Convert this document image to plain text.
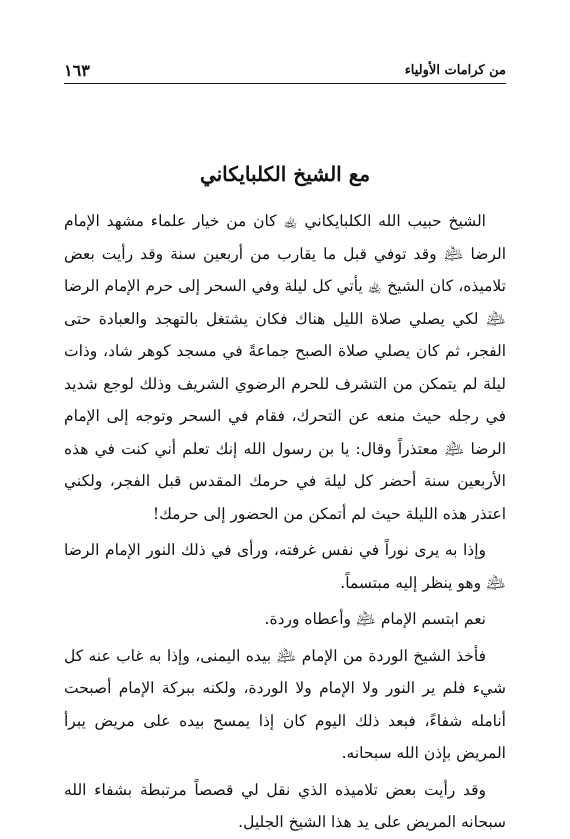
من كرامات الأولياء
١٦٣
مع الشيخ الكلبايكاني

الشيخ حبيب الله الكلبايكاني ﵀ كان من خيار علماء مشهد الإمام الرضا ﵇ وقد توفي قبل ما يقارب من أربعين سنة وقد رأيت بعض تلاميذه، كان الشيخ ﵀ يأتي كل ليلة وفي السحر إلى حرم الإمام الرضا ﵇ لكي يصلي صلاة الليل هناك فكان يشتغل بالتهجد والعبادة حتى الفجر، ثم كان يصلي صلاة الصبح جماعةً في مسجد كوهر شاد، وذات ليلة لم يتمكن من التشرف للحرم الرضوي الشريف وذلك لوجع شديد في رجله حيث منعه عن التحرك، فقام في السحر وتوجه إلى الإمام الرضا ﵇ معتذراً وقال: يا بن رسول الله إنك تعلم أني كنت في هذه الأربعين سنة أحضر كل ليلة في حرمك المقدس قبل الفجر، ولكني اعتذر هذه الليلة حيث لم أتمكن من الحضور إلى حرمك!

وإذا به يرى نوراً في نفس غرفته، ورأى في ذلك النور الإمام الرضا ﵇ وهو ينظر إليه مبتسماً.

نعم ابتسم الإمام ﵇ وأعطاه وردة.

فأخذ الشيخ الوردة من الإمام ﵇ بيده اليمنى، وإذا به غاب عنه كل شيء فلم ير النور ولا الإمام ولا الوردة، ولكنه ببركة الإمام أصبحت أنامله شفاءً، فبعد ذلك اليوم كان إذا يمسح بيده على مريض يبرأ المريض بإذن الله سبحانه.

وقد رأيت بعض تلاميذه الذي نقل لي قصصاً مرتبطة بشفاء الله سبحانه المريض على يد هذا الشيخ الجليل.
